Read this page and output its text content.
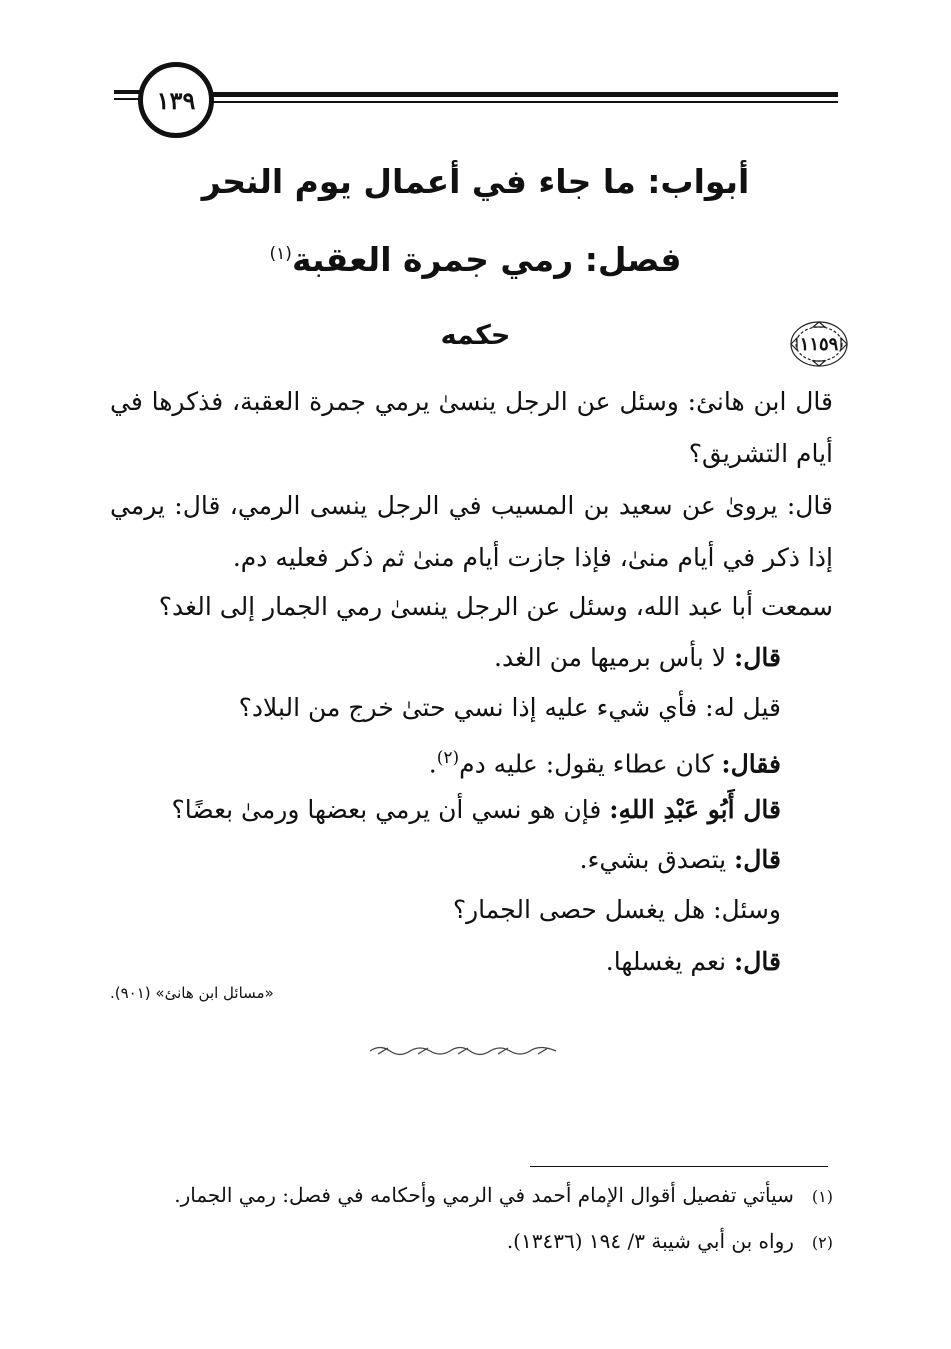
١٣٩
أبواب: ما جاء في أعمال يوم النحر
فصل: رمي جمرة العقبة$^{(١)}$
حكمه	١١٥٩
قال ابن هانئ: وسئل عن الرجل ينسىٰ يرمي جمرة العقبة، فذكرها في
أيام التشريق؟
قال: يروىٰ عن سعيد بن المسيب في الرجل ينسى الرمي، قال: يرمي
إذا ذكر في أيام منىٰ، فإذا جازت أيام منىٰ ثم ذكر فعليه دم.
سمعت أبا عبد الله، وسئل عن الرجل ينسىٰ رمي الجمار إلى الغد؟
قال: لا بأس برميها من الغد.
قيل له: فأي شيء عليه إذا نسي حتىٰ خرج من البلاد؟
فقال: كان عطاء يقول: عليه دم$^{(٢)}$.
قال أَبُو عَبْدِ اللهِ: فإن هو نسي أن يرمي بعضها ورمىٰ بعضًا؟
قال: يتصدق بشيء.
وسئل: هل يغسل حصى الجمار؟
قال: نعم يغسلها.
«مسائل ابن هانئ» (٩٠١).
(١)سيأتي تفصيل أقوال الإمام أحمد في الرمي وأحكامه في فصل: رمي الجمار.
(٢)رواه بن أبي شيبة ٣/ ١٩٤ (١٣٤٣٦).
